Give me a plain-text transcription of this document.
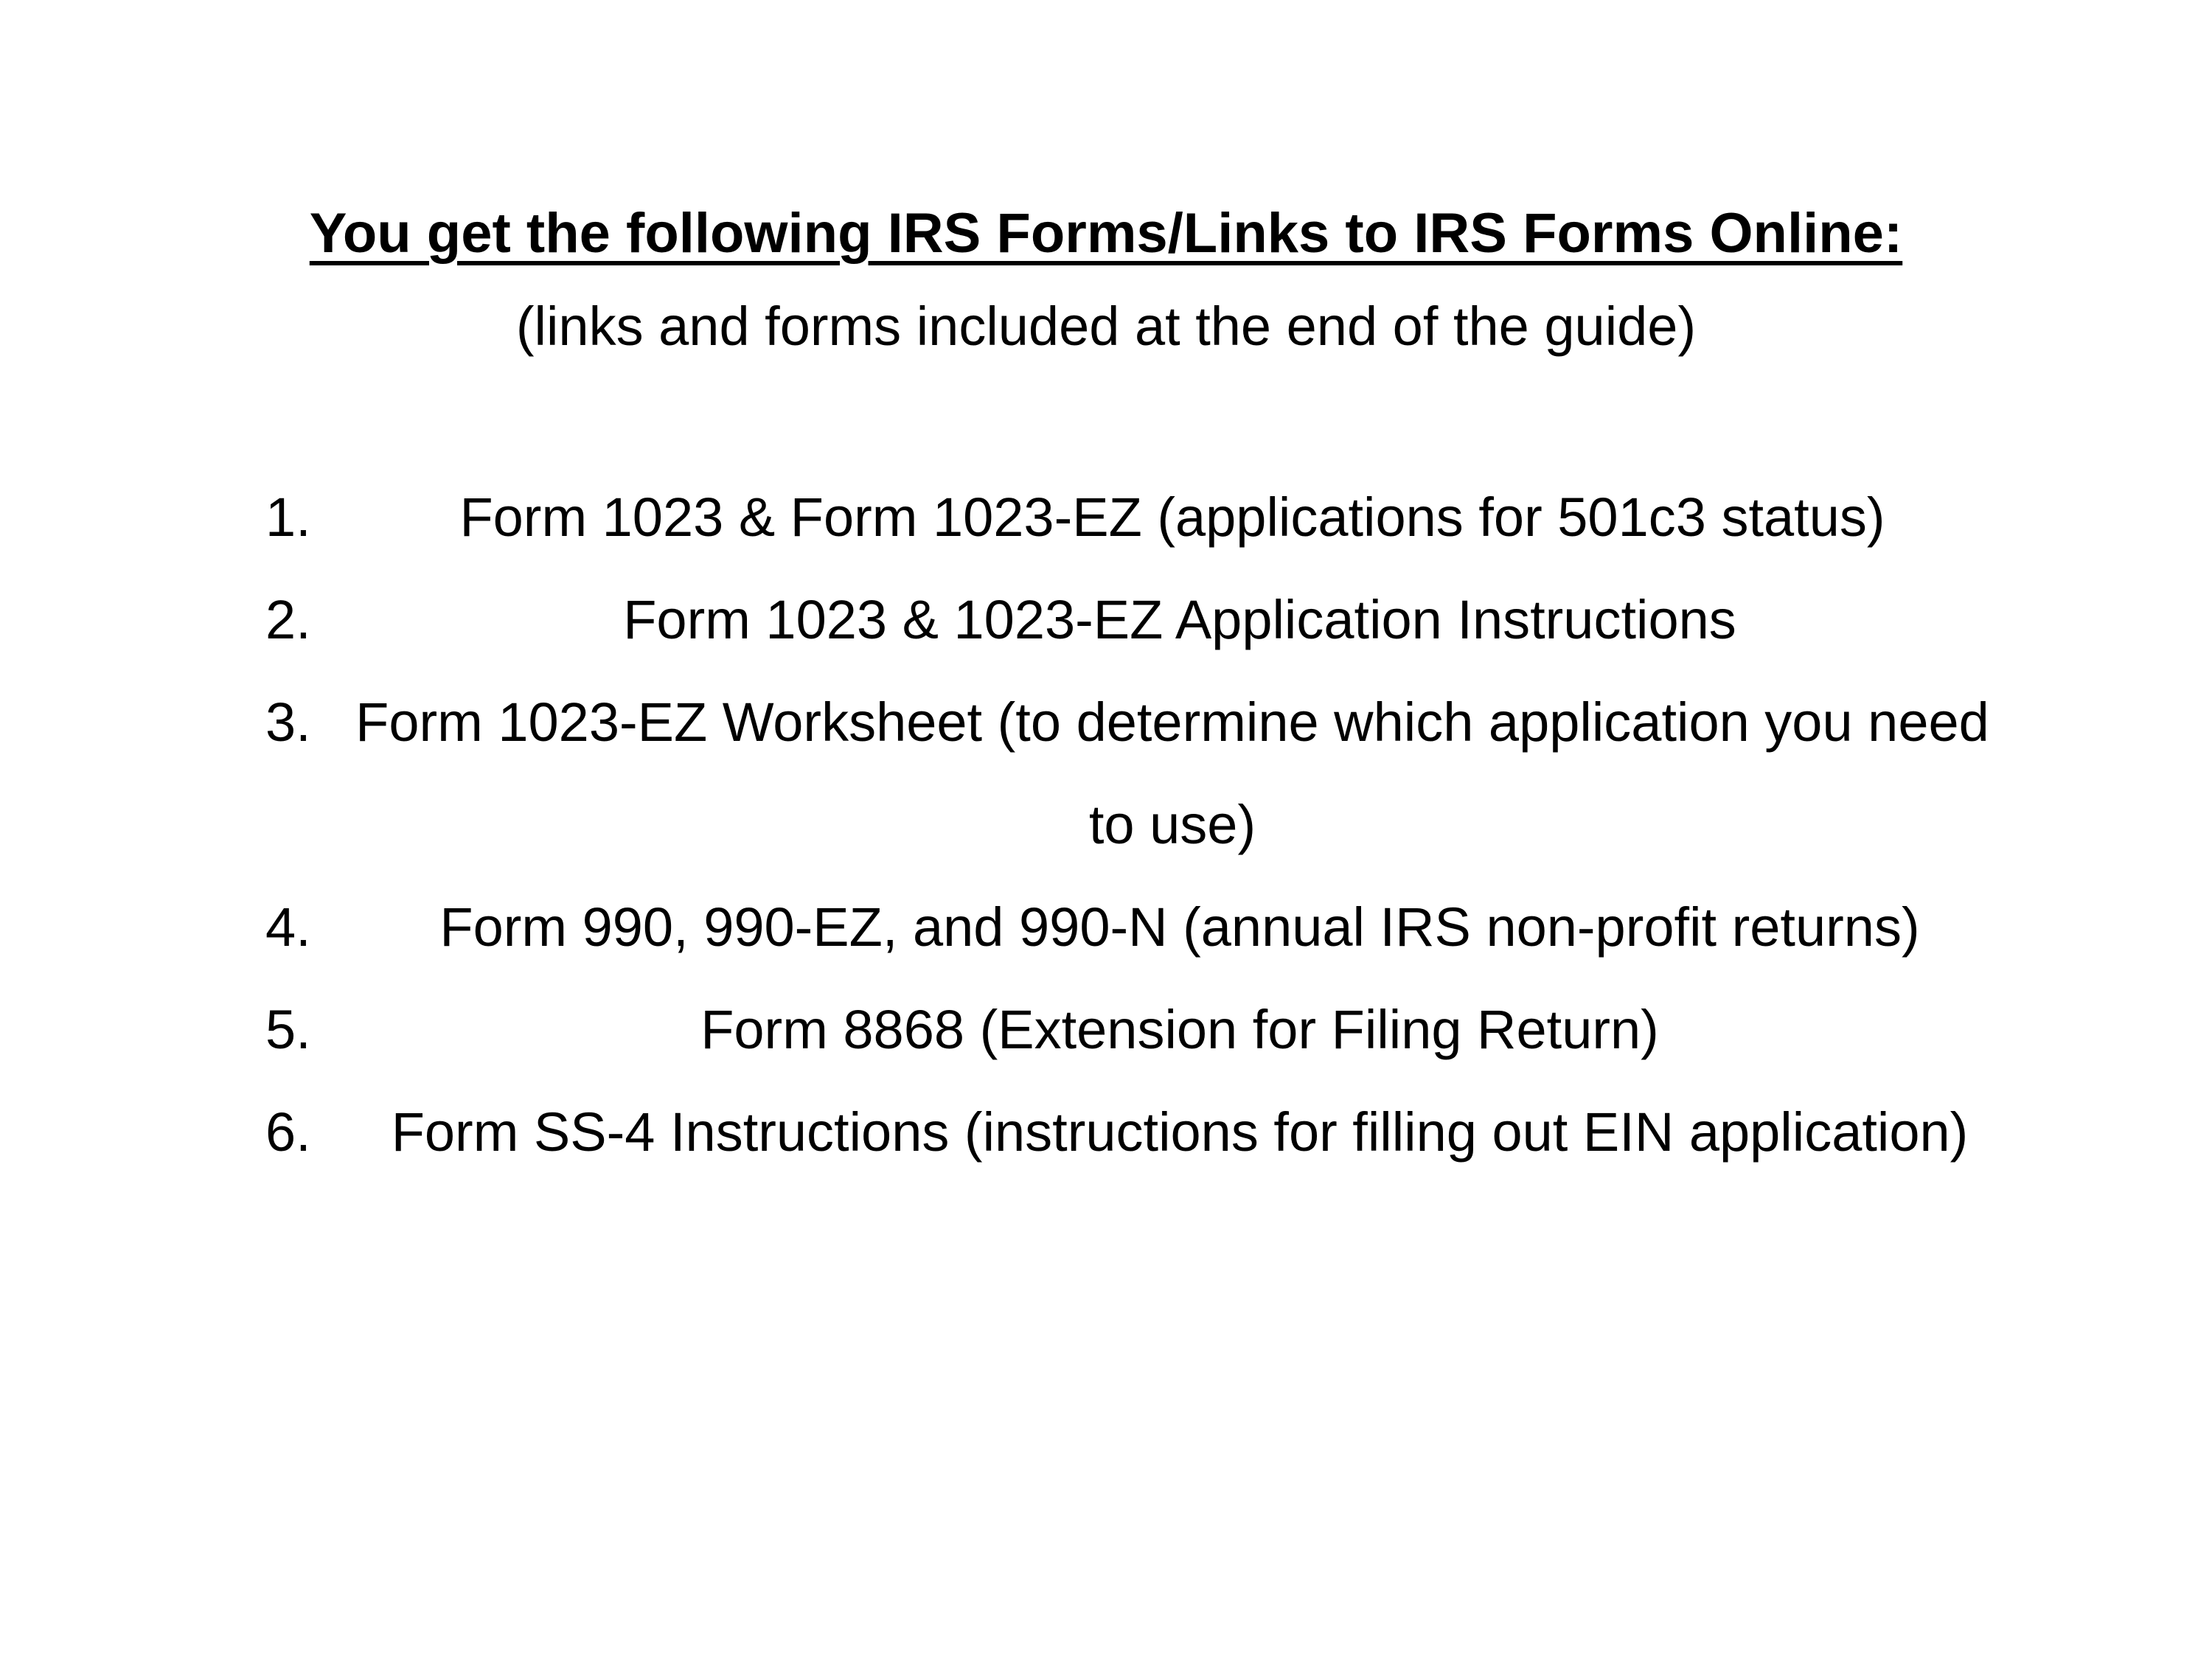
You get the following IRS Forms/Links to IRS Forms Online:
(links and forms included at the end of the guide)
1.	Form 1023 & Form 1023-EZ (applications for 501c3 status)
2.	Form 1023 & 1023-EZ Application Instructions
3. Form 1023-EZ Worksheet (to determine which application you need to use)
4.	Form 990, 990-EZ, and 990-N (annual IRS non-profit returns)
5.	Form 8868 (Extension for Filing Return)
6.	Form SS-4 Instructions (instructions for filling out EIN application)
